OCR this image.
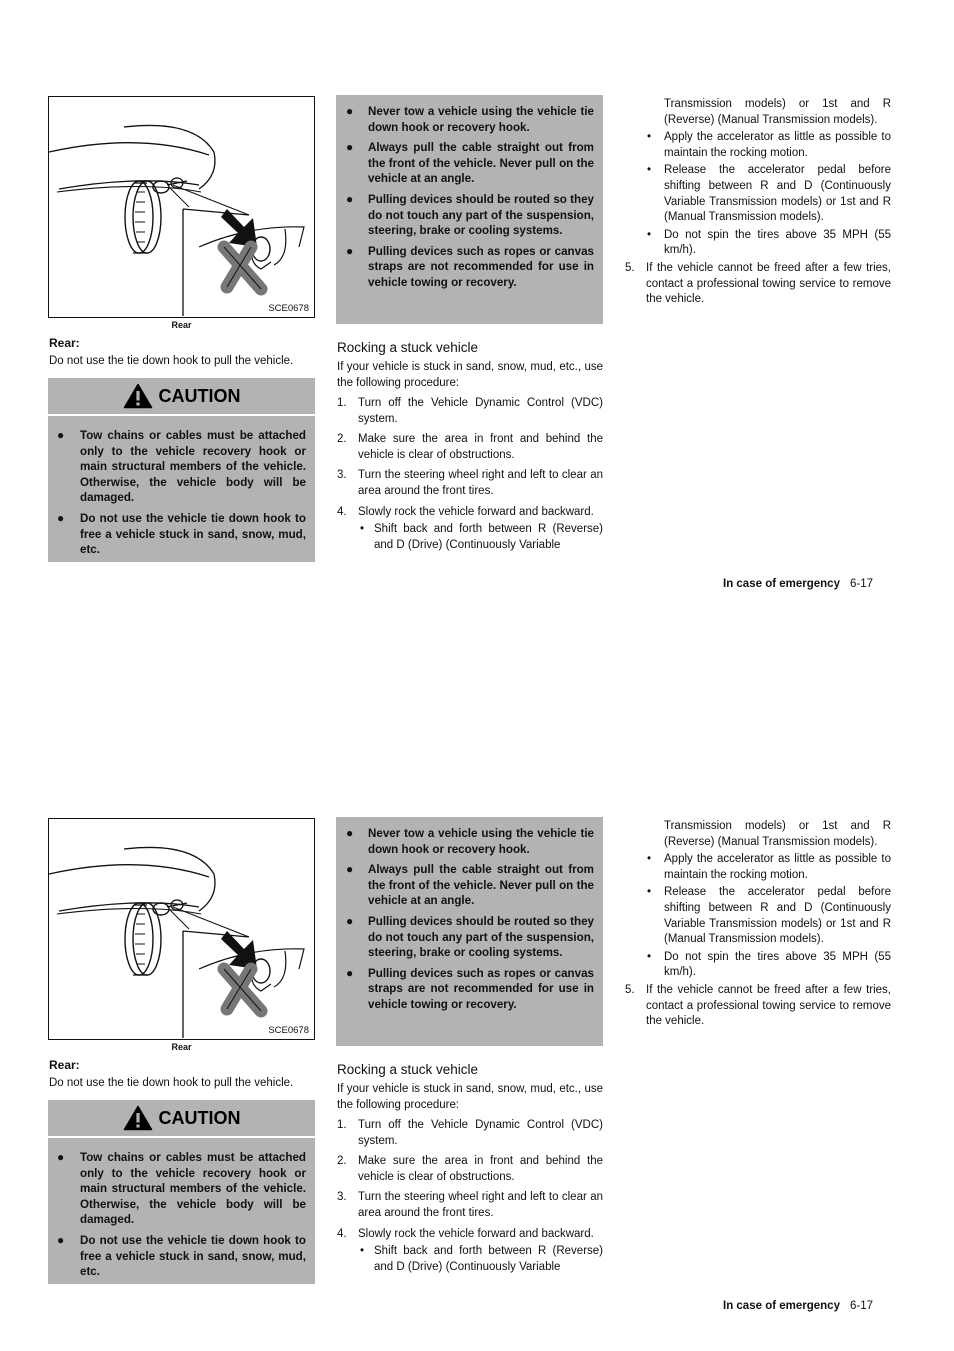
SCE0678
Rear
Rear:
Do not use the tie down hook to pull the vehicle.
CAUTION
● Tow chains or cables must be attached only to the vehicle recovery hook or main structural members of the vehicle. Otherwise, the vehicle body will be damaged.
● Do not use the vehicle tie down hook to free a vehicle stuck in sand, snow, mud, etc.
● Never tow a vehicle using the vehicle tie down hook or recovery hook.
● Always pull the cable straight out from the front of the vehicle. Never pull on the vehicle at an angle.
● Pulling devices should be routed so they do not touch any part of the suspension, steering, brake or cooling systems.
● Pulling devices such as ropes or canvas straps are not recommended for use in vehicle towing or recovery.
Rocking a stuck vehicle
If your vehicle is stuck in sand, snow, mud, etc., use the following procedure:
1. Turn off the Vehicle Dynamic Control (VDC) system.
2. Make sure the area in front and behind the vehicle is clear of obstructions.
3. Turn the steering wheel right and left to clear an area around the front tires.
4. Slowly rock the vehicle forward and backward.
• Shift back and forth between R (Reverse) and D (Drive) (Continuously Variable
Transmission models) or 1st and R (Reverse) (Manual Transmission models).
• Apply the accelerator as little as possible to maintain the rocking motion.
• Release the accelerator pedal before shifting between R and D (Continuously Variable Transmission models) or 1st and R (Manual Transmission models).
• Do not spin the tires above 35 MPH (55 km/h).
5. If the vehicle cannot be freed after a few tries, contact a professional towing service to remove the vehicle.
In case of emergency 6-17
SCE0678
Rear
Rear:
Do not use the tie down hook to pull the vehicle.
CAUTION
● Tow chains or cables must be attached only to the vehicle recovery hook or main structural members of the vehicle. Otherwise, the vehicle body will be damaged.
● Do not use the vehicle tie down hook to free a vehicle stuck in sand, snow, mud, etc.
● Never tow a vehicle using the vehicle tie down hook or recovery hook.
● Always pull the cable straight out from the front of the vehicle. Never pull on the vehicle at an angle.
● Pulling devices should be routed so they do not touch any part of the suspension, steering, brake or cooling systems.
● Pulling devices such as ropes or canvas straps are not recommended for use in vehicle towing or recovery.
Rocking a stuck vehicle
If your vehicle is stuck in sand, snow, mud, etc., use the following procedure:
1. Turn off the Vehicle Dynamic Control (VDC) system.
2. Make sure the area in front and behind the vehicle is clear of obstructions.
3. Turn the steering wheel right and left to clear an area around the front tires.
4. Slowly rock the vehicle forward and backward.
• Shift back and forth between R (Reverse) and D (Drive) (Continuously Variable
Transmission models) or 1st and R (Reverse) (Manual Transmission models).
• Apply the accelerator as little as possible to maintain the rocking motion.
• Release the accelerator pedal before shifting between R and D (Continuously Variable Transmission models) or 1st and R (Manual Transmission models).
• Do not spin the tires above 35 MPH (55 km/h).
5. If the vehicle cannot be freed after a few tries, contact a professional towing service to remove the vehicle.
In case of emergency 6-17
